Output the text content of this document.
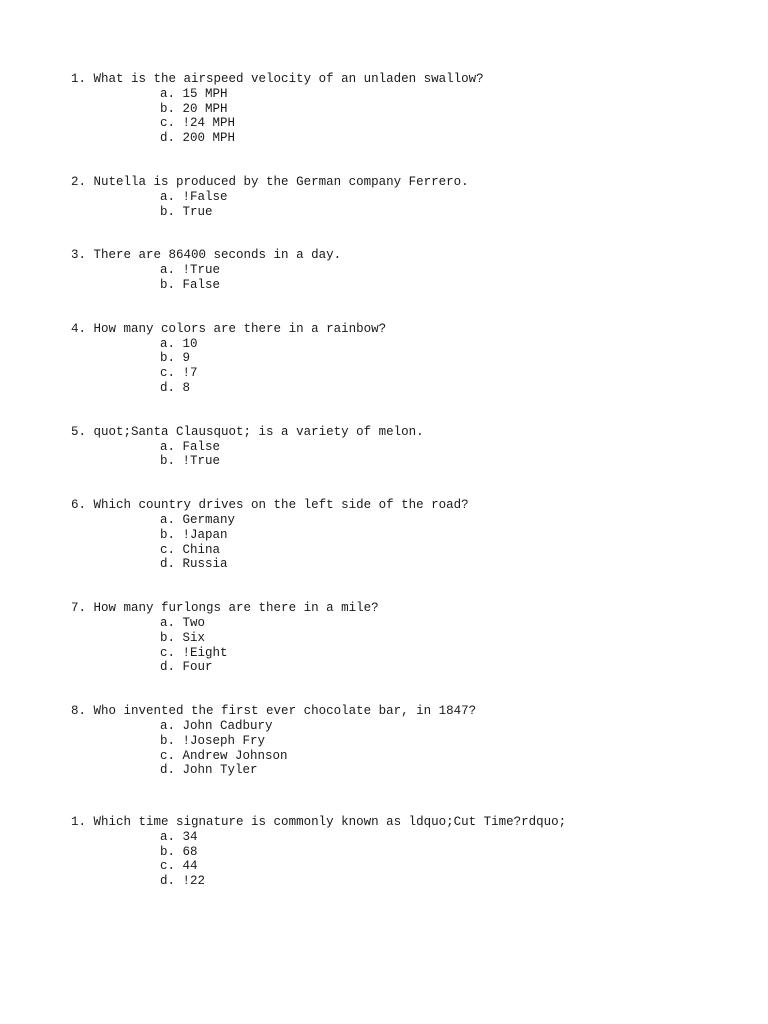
1. What is the airspeed velocity of an unladen swallow?
a. 15 MPH
b. 20 MPH
c. !24 MPH
d. 200 MPH
2. Nutella is produced by the German company Ferrero.
a. !False
b. True
3. There are 86400 seconds in a day.
a. !True
b. False
4. How many colors are there in a rainbow?
a. 10
b. 9
c. !7
d. 8
5. quot;Santa Clausquot; is a variety of melon.
a. False
b. !True
6. Which country drives on the left side of the road?
a. Germany
b. !Japan
c. China
d. Russia
7. How many furlongs are there in a mile?
a. Two
b. Six
c. !Eight
d. Four
8. Who invented the first ever chocolate bar, in 1847?
a. John Cadbury
b. !Joseph Fry
c. Andrew Johnson
d. John Tyler
1. Which time signature is commonly known as ldquo;Cut Time?rdquo;
a. 34
b. 68
c. 44
d. !22
